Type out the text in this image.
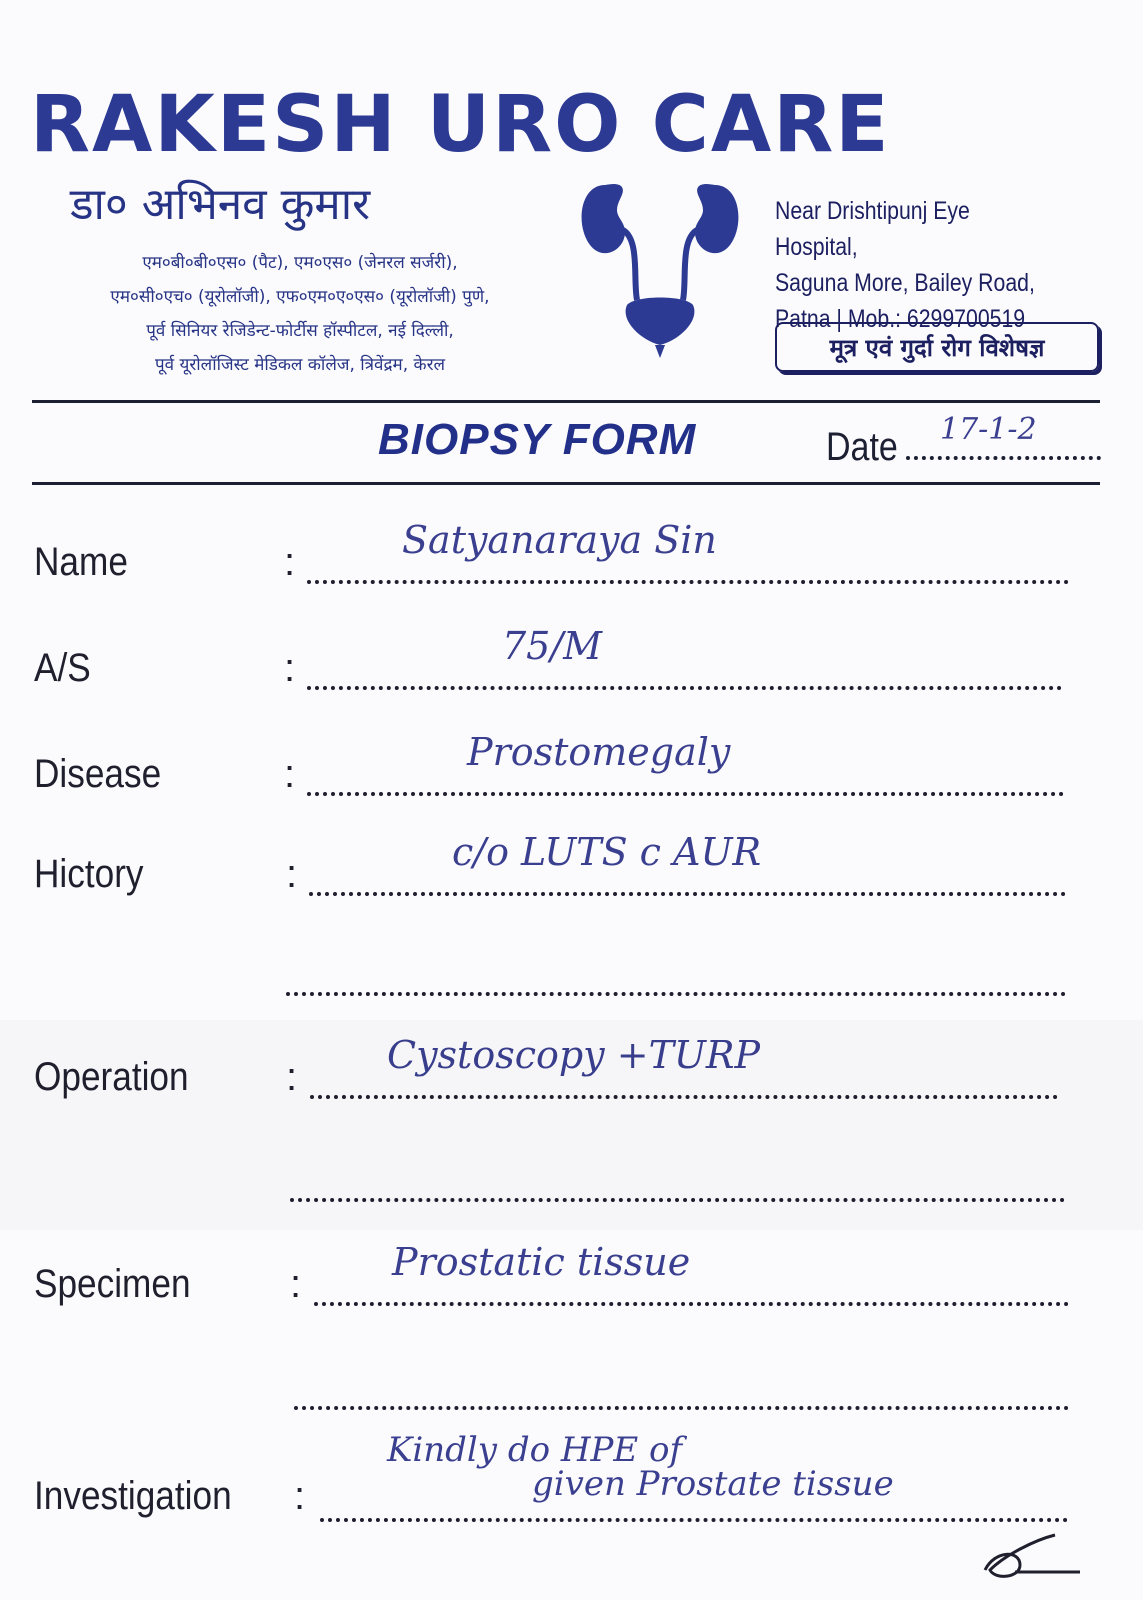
RAKESH URO CARE
डा० अभिनव कुमार
एम०बी०बी०एस० (पैट), एम०एस० (जेनरल सर्जरी),
एम०सी०एच० (यूरोलॉजी), एफ०एम०ए०एस० (यूरोलॉजी) पुणे,
पूर्व सिनियर रेजिडेन्ट-फोर्टीस हॉस्पीटल, नई दिल्ली,
पूर्व यूरोलॉजिस्ट मेडिकल कॉलेज, त्रिवेंद्रम, केरल
Near Drishtipunj Eye Hospital,
Saguna More, Bailey Road,
Patna | Mob.: 6299700519
मूत्र एवं गुर्दा रोग विशेषज्ञ
BIOPSY FORM	Date 17-1-2
Name	:	Satyanaraya Sin
A/S	:	75/M
Disease	:	Prostomegaly
Hictory	:	c/o LUTS c AUR
Operation : Cystoscopy +TURP
Specimen : Prostatic tissue
Investigation :
Kindly do HPE of
given Prostate tissue
